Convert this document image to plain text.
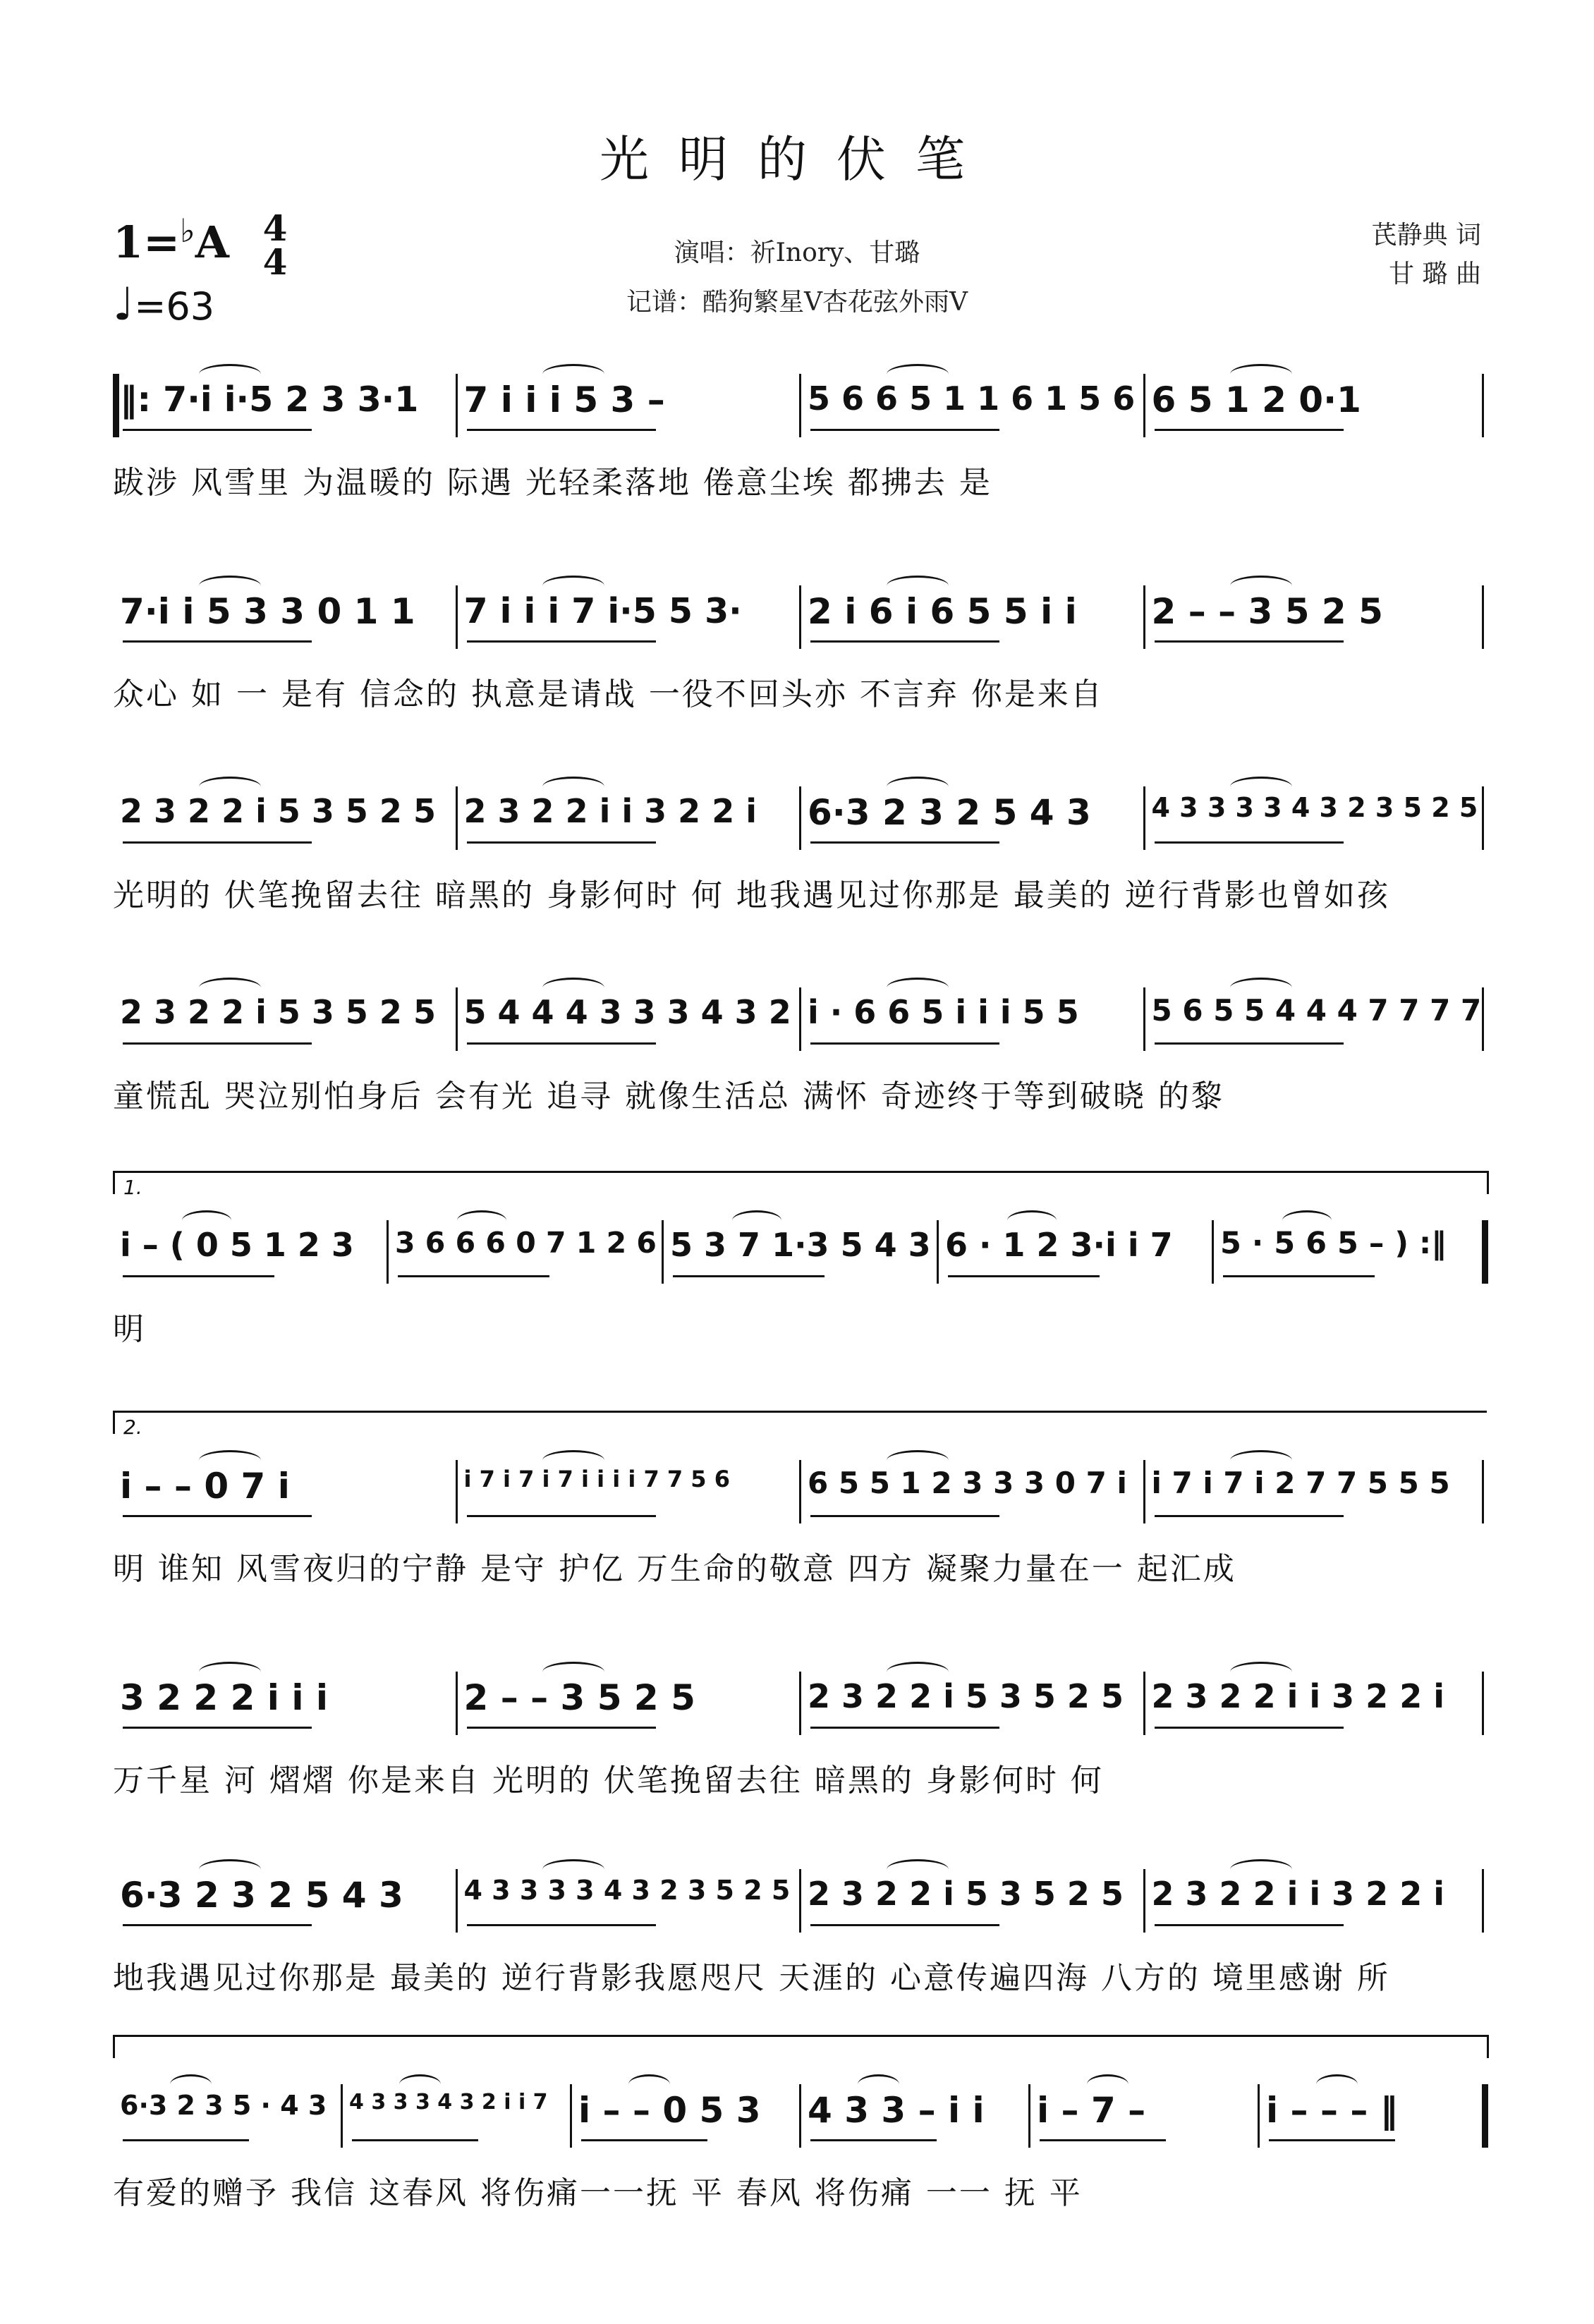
光明的伏笔
1=♭A 4
4
♩=63
演唱：祈Inory、甘璐
记谱：酷狗繁星V杏花弦外雨V
芪静典 词
甘 璐 曲
‖: 7·i i·5 2 3 3·1 7 i i i 5 3 –	5 6 6 5 1 1 6 1 5 6 6 5 1 2 0·1
跋涉 风雪里 为温暖的 际遇 光轻柔落地 倦意尘埃 都拂去 是
7·i i 5 3 3 0 1 1 7 i i i 7 i·5 5 3· 2 i 6 i 6 5 5 i i 2 – – 3 5 2 5
众心 如 一 是有 信念的 执意是请战 一役不回头亦 不言弃 你是来自
2 3 2 2 i 5 3 5 2 5 2 3 2 2 i i 3 2 2 i 6·3 2 3 2 5 4 3 4 3 3 3 3 4 3 2 3 5 2 5
光明的 伏笔挽留去往 暗黑的 身影何时 何 地我遇见过你那是 最美的 逆行背影也曾如孩
2 3 2 2 i 5 3 5 2 5 5 4 4 4 3 3 3 4 3 2 i · 6 6 5 i i i 5 5 5 6 5 5 4 4 4 7 7 7 7
童慌乱 哭泣别怕身后 会有光 追寻 就像生活总 满怀 奇迹终于等到破晓 的黎
i – ( 0 5 1 2 3 3 6 6 6 0 7 1 2 6 5 3 7 1·3 5 4 3 6 · 1 2 3·i i 7 5 · 5 6 5 – ) :‖
1.
明
i – – 0 7 i	i 7 i 7 i 7 i i i i 7 7 5 6	6 5 5 1 2 3 3 3 0 7 i i 7 i 7 i 2 7 7 5 5 5
2.
明 谁知 风雪夜归的宁静 是守 护亿 万生命的敬意 四方 凝聚力量在一 起汇成
3 2 2 2 i i i	2 – – 3 5 2 5	2 3 2 2 i 5 3 5 2 5 2 3 2 2 i i 3 2 2 i
万千星 河 熠熠 你是来自 光明的 伏笔挽留去往 暗黑的 身影何时 何
6·3 2 3 2 5 4 3 4 3 3 3 3 4 3 2 3 5 2 5 2 3 2 2 i 5 3 5 2 5 2 3 2 2 i i 3 2 2 i
地我遇见过你那是 最美的 逆行背影我愿咫尺 天涯的 心意传遍四海 八方的 境里感谢 所
6·3 2 3 5 · 4 3 4 3 3 3 4 3 2 i i 7 i – – 0 5 3 4 3 3 – i i i – 7 –	i – – – ‖
有爱的赠予 我信 这春风 将伤痛一一抚 平 春风 将伤痛 一一 抚 平
